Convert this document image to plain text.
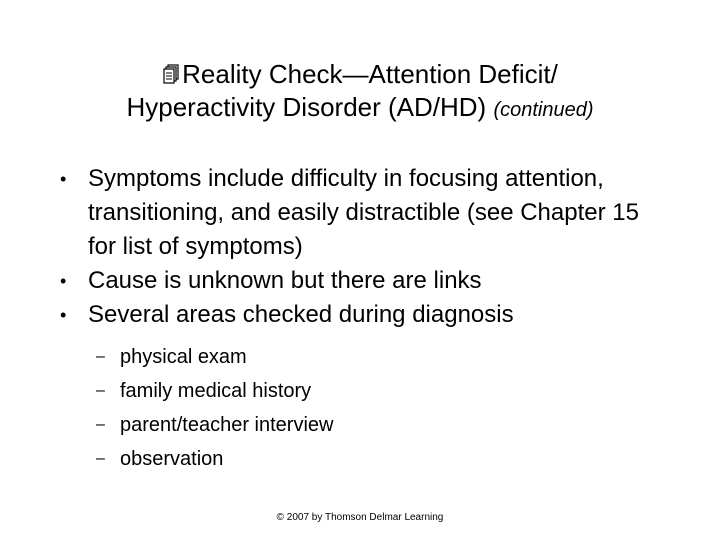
Reality Check—Attention Deficit/
Hyperactivity Disorder (AD/HD) (continued)
• Symptoms include difficulty in focusing attention, transitioning, and easily distractible (see Chapter 15 for list of symptoms)
• Cause is unknown but there are links
• Several areas checked during diagnosis
– physical exam
– family medical history
– parent/teacher interview
– observation
© 2007 by Thomson Delmar Learning
